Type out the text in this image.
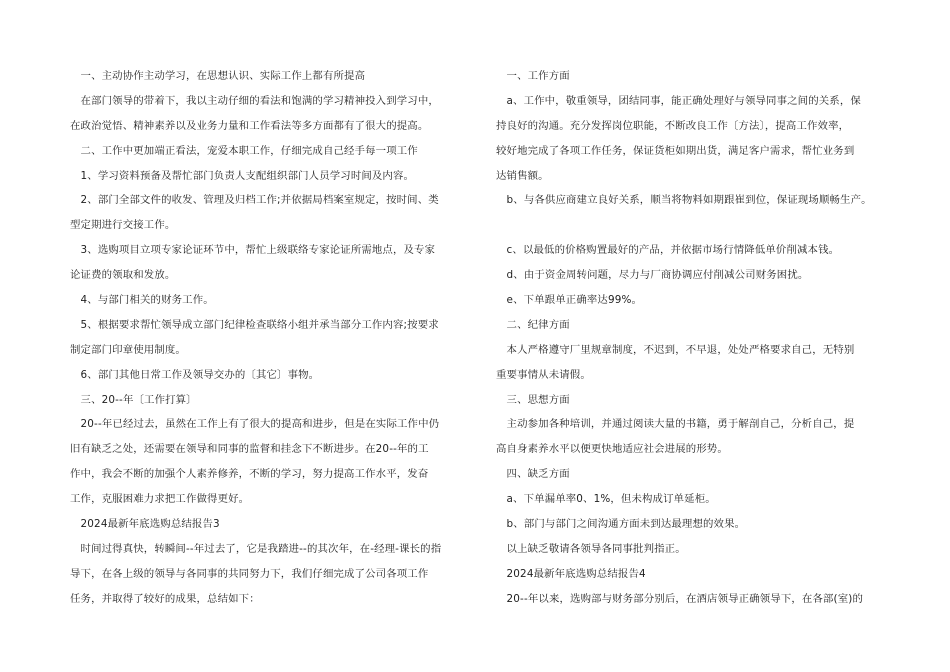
　一、主动协作主动学习，在思想认识、实际工作上都有所提高
　在部门领导的带着下，我以主动仔细的看法和饱满的学习精神投入到学习中，
在政治觉悟、精神素养以及业务力量和工作看法等多方面都有了很大的提高。
　二、工作中更加端正看法，宠爱本职工作，仔细完成自己经手每一项工作
　1、学习资料预备及帮忙部门负责人支配组织部门人员学习时间及内容。
　2、部门全部文件的收发、管理及归档工作;并依据局档案室规定，按时间、类
型定期进行交接工作。
　3、选购项目立项专家论证环节中，帮忙上级联络专家论证所需地点，及专家
论证费的领取和发放。
　4、与部门相关的财务工作。
　5、根据要求帮忙领导成立部门纪律检查联络小组并承当部分工作内容;按要求
制定部门印章使用制度。
　6、部门其他日常工作及领导交办的〔其它〕事物。
　三、20--年〔工作打算〕
　20--年已经过去，虽然在工作上有了很大的提高和进步，但是在实际工作中仍
旧有缺乏之处，还需要在领导和同事的监督和挂念下不断进步。在20--年的工
作中，我会不断的加强个人素养修养，不断的学习，努力提高工作水平，发奋
工作，克服困难力求把工作做得更好。
　2024最新年底选购总结报告3
　时间过得真快，转瞬间--年过去了，它是我踏进--的其次年，在-经理-课长的指
导下，在各上级的领导与各同事的共同努力下，我们仔细完成了公司各项工作
任务，并取得了较好的成果，总结如下：
　一、工作方面
　a、工作中，敬重领导，团结同事，能正确处理好与领导同事之间的关系，保
持良好的沟通。充分发挥岗位职能，不断改良工作〔方法〕，提高工作效率，
较好地完成了各项工作任务，保证货柜如期出货，满足客户需求，帮忙业务到
达销售额。
　b、与各供应商建立良好关系，顺当将物料如期跟崔到位，保证现场顺畅生产。
　c、以最低的价格购置最好的产品，并依据市场行情降低单价削减本钱。
　d、由于资金周转问题，尽力与厂商协调应付削减公司财务困扰。
　e、下单跟单正确率达99%。
　二、纪律方面
　本人严格遵守厂里规章制度，不迟到，不早退，处处严格要求自己，无特别
重要事情从未请假。
　三、思想方面
　主动参加各种培训，并通过阅读大量的书籍，勇于解剖自己，分析自己，提
高自身素养水平以便更快地适应社会进展的形势。
　四、缺乏方面
　a、下单漏单率0、1%，但未构成订单延柜。
　b、部门与部门之间沟通方面未到达最理想的效果。
　以上缺乏敬请各领导各同事批判指正。
　2024最新年底选购总结报告4
　20--年以来，选购部与财务部分别后，在酒店领导正确领导下，在各部(室)的
